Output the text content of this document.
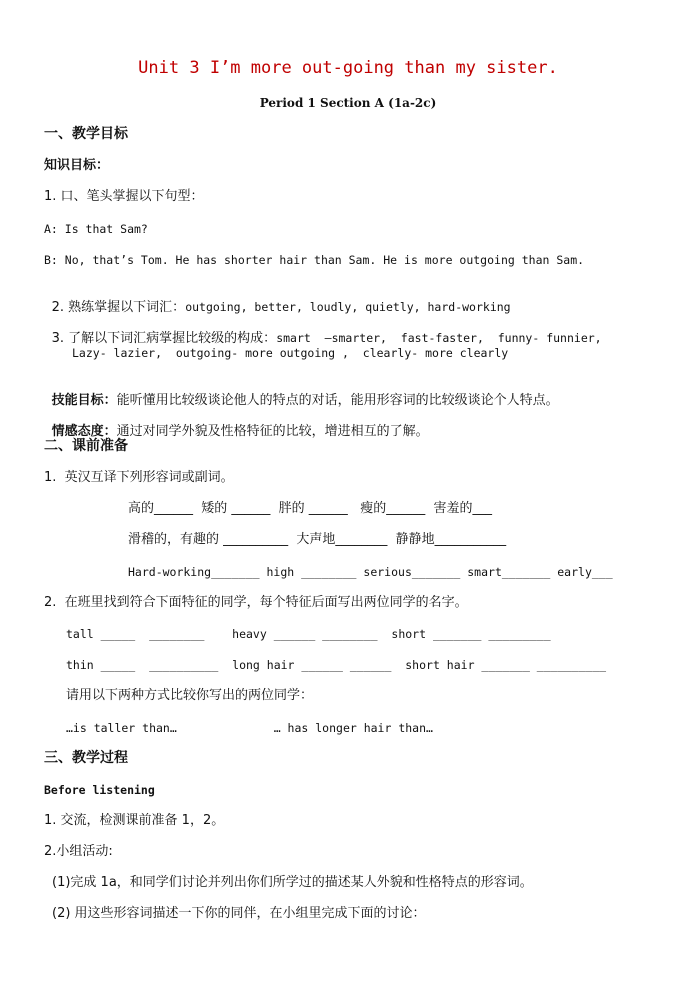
Unit 3 I’m more out-going than my sister.
Period 1 Section A (1a-2c)
一、教学目标
知识目标：
1. 口、笔头掌握以下句型：
A: Is that Sam?
B: No, that’s Tom. He has shorter hair than Sam. He is more outgoing than Sam.

2. 熟练掌握以下词汇：outgoing, better, loudly, quietly, hard-working

3. 了解以下词汇病掌握比较级的构成：smart  –smarter,  fast-faster,  funny- funnier,

Lazy- lazier,  outgoing- more outgoing ,  clearly- more clearly

技能目标：能听懂用比较级谈论他人的特点的对话，能用形容词的比较级谈论个人特点。

情感态度：通过对同学外貌及性格特征的比较，增进相互的了解。

二、课前准备
1.  英汉互译下列形容词或副词。
高的______  矮的 ______  胖的 ______   瘦的______  害羞的___
滑稽的，有趣的 __________  大声地________  静静地___________
Hard-working_______ high ________ serious_______ smart_______ early___
2.  在班里找到符合下面特征的同学，每个特征后面写出两位同学的名字。
tall _____  ________    heavy ______ ________  short _______ _________
thin _____  __________  long hair ______ ______  short hair _______ __________
请用以下两种方式比较你写出的两位同学：
…is taller than…              … has longer hair than…
三、教学过程
Before listening
1. 交流，检测课前准备 1，2。
2.小组活动:
(1)完成 1a，和同学们讨论并列出你们所学过的描述某人外貌和性格特点的形容词。
(2) 用这些形容词描述一下你的同伴，在小组里完成下面的讨论：
